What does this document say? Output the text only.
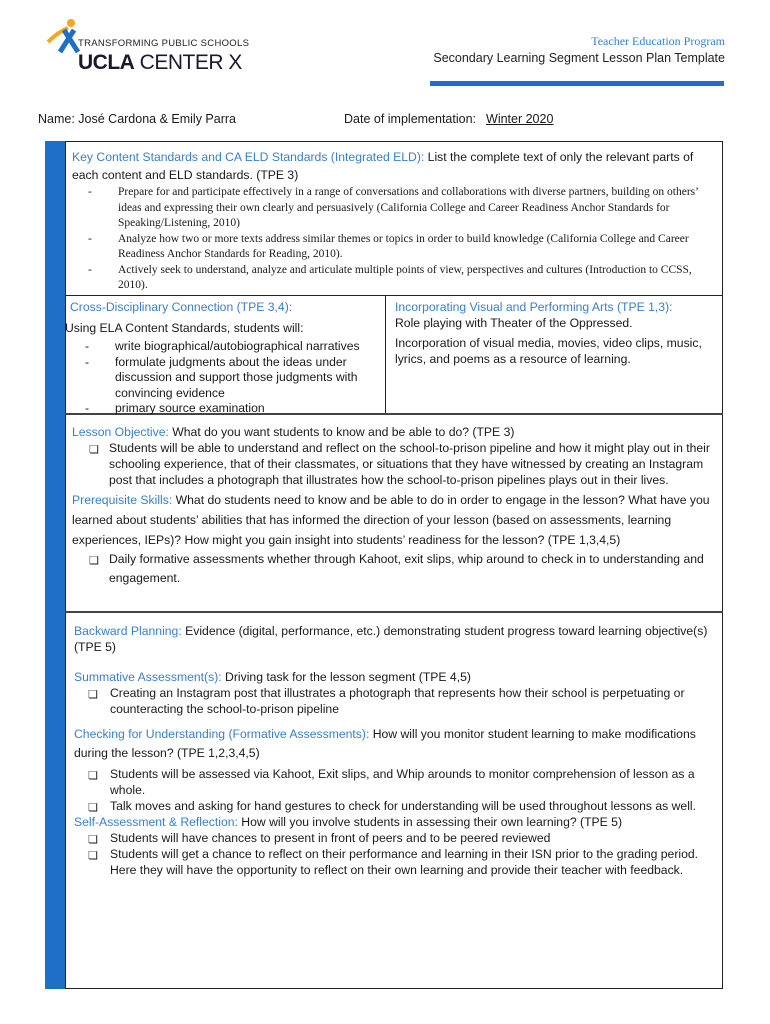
TRANSFORMING PUBLIC SCHOOLS
UCLA CENTER X
Teacher Education Program
Secondary Learning Segment Lesson Plan Template
Name: José Cardona & Emily Parra	Date of implementation: Winter 2020

Key Content Standards and CA ELD Standards (Integrated ELD): List the complete text of only the relevant parts of each content and ELD standards. (TPE 3)

- Prepare for and participate effectively in a range of conversations and collaborations with diverse partners, building on others’ ideas and expressing their own clearly and persuasively (California College and Career Readiness Anchor Standards for Speaking/Listening, 2010)
- Analyze how two or more texts address similar themes or topics in order to build knowledge (California College and Career Readiness Anchor Standards for Reading, 2010).
- Actively seek to understand, analyze and articulate multiple points of view, perspectives and cultures (Introduction to CCSS, 2010).

Cross-Disciplinary Connection (TPE 3,4):

Using ELA Content Standards, students will:

- write biographical/autobiographical narratives
- formulate judgments about the ideas under discussion and support those judgments with convincing evidence
- primary source examination

Incorporating Visual and Performing Arts (TPE 1,3):

Role playing with Theater of the Oppressed.

Incorporation of visual media, movies, video clips, music, lyrics, and poems as a resource of learning.

Lesson Objective: What do you want students to know and be able to do? (TPE 3)

❏ Students will be able to understand and reflect on the school-to-prison pipeline and how it might play out in their schooling experience, that of their classmates, or situations that they have witnessed by creating an Instagram post that includes a photograph that illustrates how the school-to-prison pipelines plays out in their lives.

Prerequisite Skills: What do students need to know and be able to do in order to engage in the lesson? What have you learned about students’ abilities that has informed the direction of your lesson (based on assessments, learning experiences, IEPs)? How might you gain insight into students’ readiness for the lesson? (TPE 1,3,4,5)

❏ Daily formative assessments whether through Kahoot, exit slips, whip around to check in to understanding and engagement.

Backward Planning: Evidence (digital, performance, etc.) demonstrating student progress toward learning objective(s) (TPE 5)

Summative Assessment(s): Driving task for the lesson segment (TPE 4,5)

❏ Creating an Instagram post that illustrates a photograph that represents how their school is perpetuating or counteracting the school-to-prison pipeline

Checking for Understanding (Formative Assessments): How will you monitor student learning to make modifications during the lesson? (TPE 1,2,3,4,5)

❏ Students will be assessed via Kahoot, Exit slips, and Whip arounds to monitor comprehension of lesson as a whole.
❏ Talk moves and asking for hand gestures to check for understanding will be used throughout lessons as well.

Self-Assessment & Reflection: How will you involve students in assessing their own learning? (TPE 5)

❏ Students will have chances to present in front of peers and to be peered reviewed
❏ Students will get a chance to reflect on their performance and learning in their ISN prior to the grading period. Here they will have the opportunity to reflect on their own learning and provide their teacher with feedback.
